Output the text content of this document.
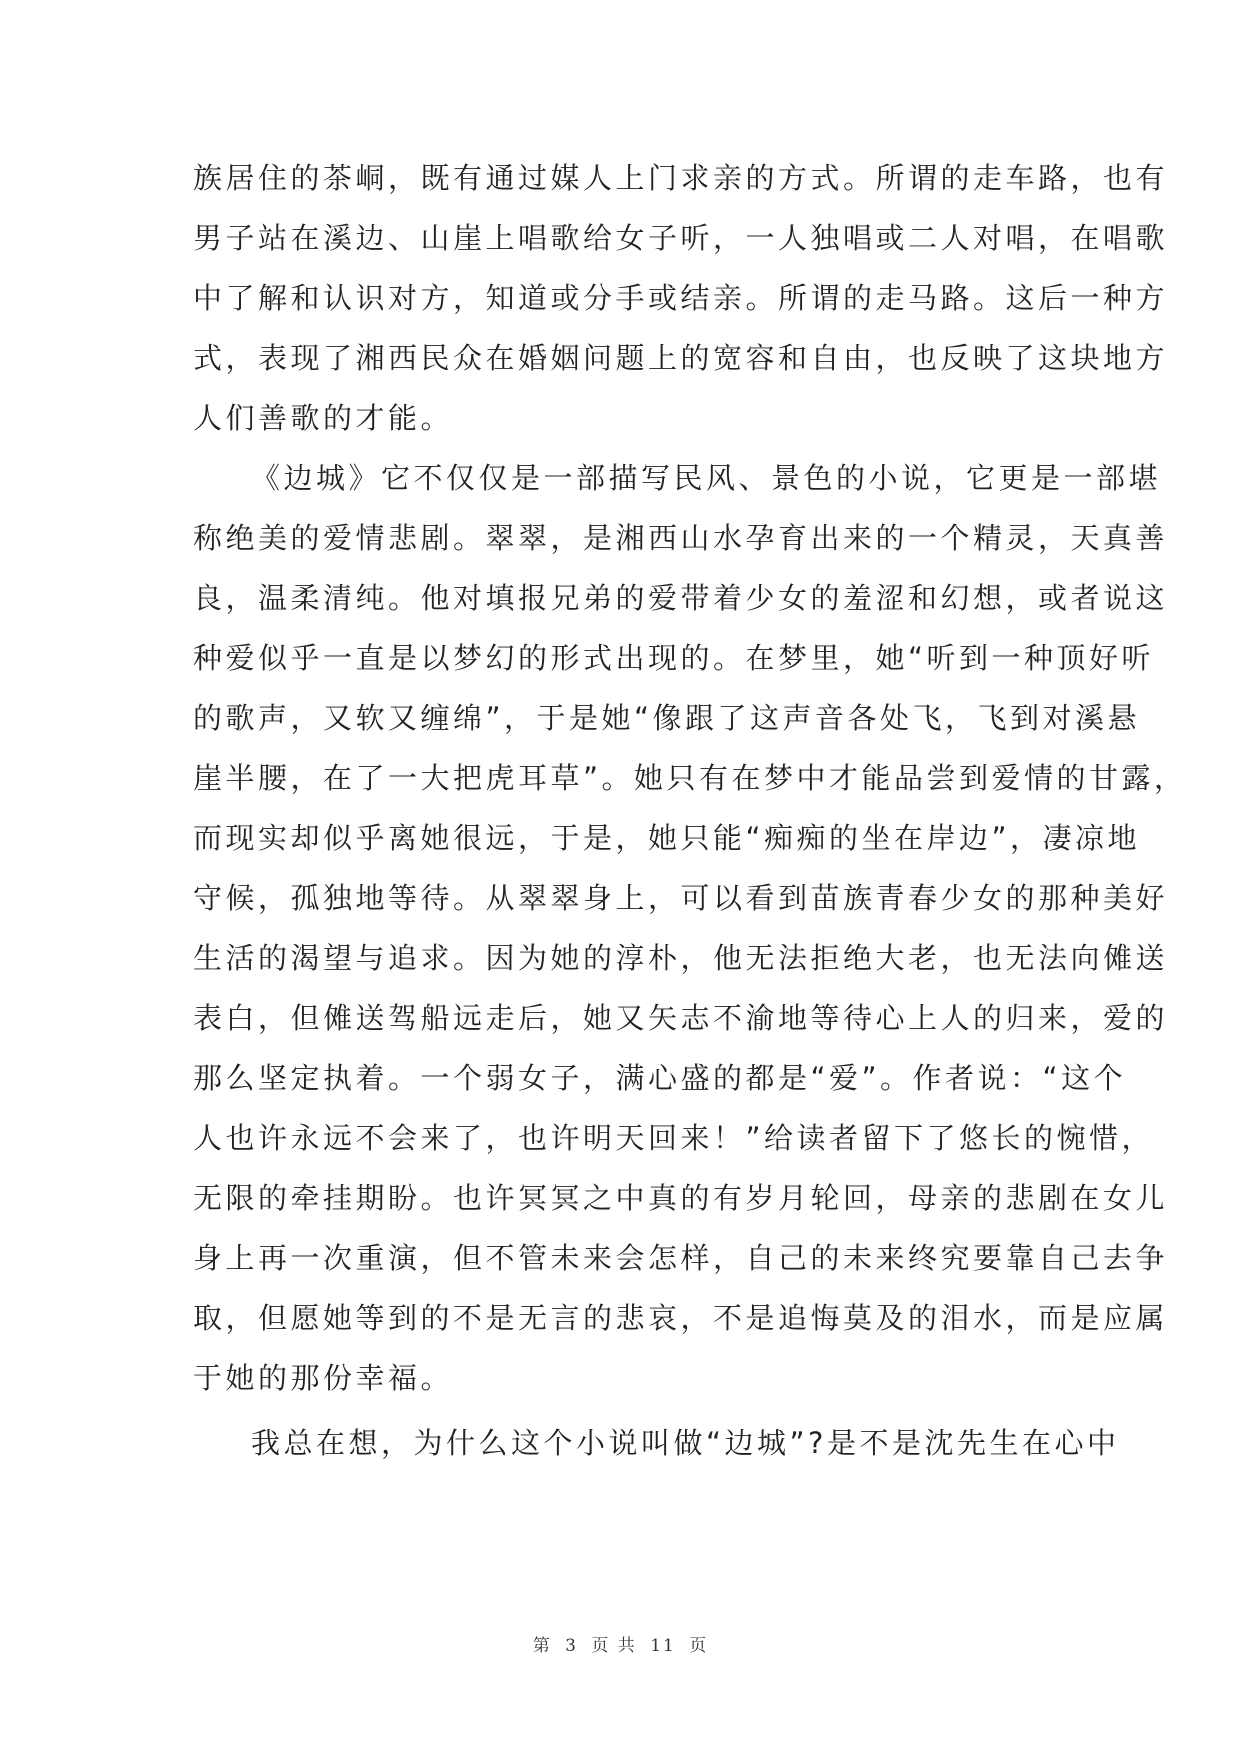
族居住的茶峒，既有通过媒人上门求亲的方式。所谓的走车路，也有
男子站在溪边、山崖上唱歌给女子听，一人独唱或二人对唱，在唱歌
中了解和认识对方，知道或分手或结亲。所谓的走马路。这后一种方
式，表现了湘西民众在婚姻问题上的宽容和自由，也反映了这块地方
人们善歌的才能。
《边城》它不仅仅是一部描写民风、景色的小说，它更是一部堪
称绝美的爱情悲剧。翠翠，是湘西山水孕育出来的一个精灵，天真善
良，温柔清纯。他对填报兄弟的爱带着少女的羞涩和幻想，或者说这
种爱似乎一直是以梦幻的形式出现的。在梦里，她“听到一种顶好听
的歌声，又软又缠绵”，于是她“像跟了这声音各处飞，飞到对溪悬
崖半腰，在了一大把虎耳草”。她只有在梦中才能品尝到爱情的甘露，
而现实却似乎离她很远，于是，她只能“痴痴的坐在岸边”，凄凉地
守候，孤独地等待。从翠翠身上，可以看到苗族青春少女的那种美好
生活的渴望与追求。因为她的淳朴，他无法拒绝大老，也无法向傩送
表白，但傩送驾船远走后，她又矢志不渝地等待心上人的归来，爱的
那么坚定执着。一个弱女子，满心盛的都是“爱”。作者说：“这个
人也许永远不会来了，也许明天回来！”给读者留下了悠长的惋惜，
无限的牵挂期盼。也许冥冥之中真的有岁月轮回，母亲的悲剧在女儿
身上再一次重演，但不管未来会怎样，自己的未来终究要靠自己去争
取，但愿她等到的不是无言的悲哀，不是追悔莫及的泪水，而是应属
于她的那份幸福。
我总在想，为什么这个小说叫做“边城”?是不是沈先生在心中
第 3 页 共 11 页
